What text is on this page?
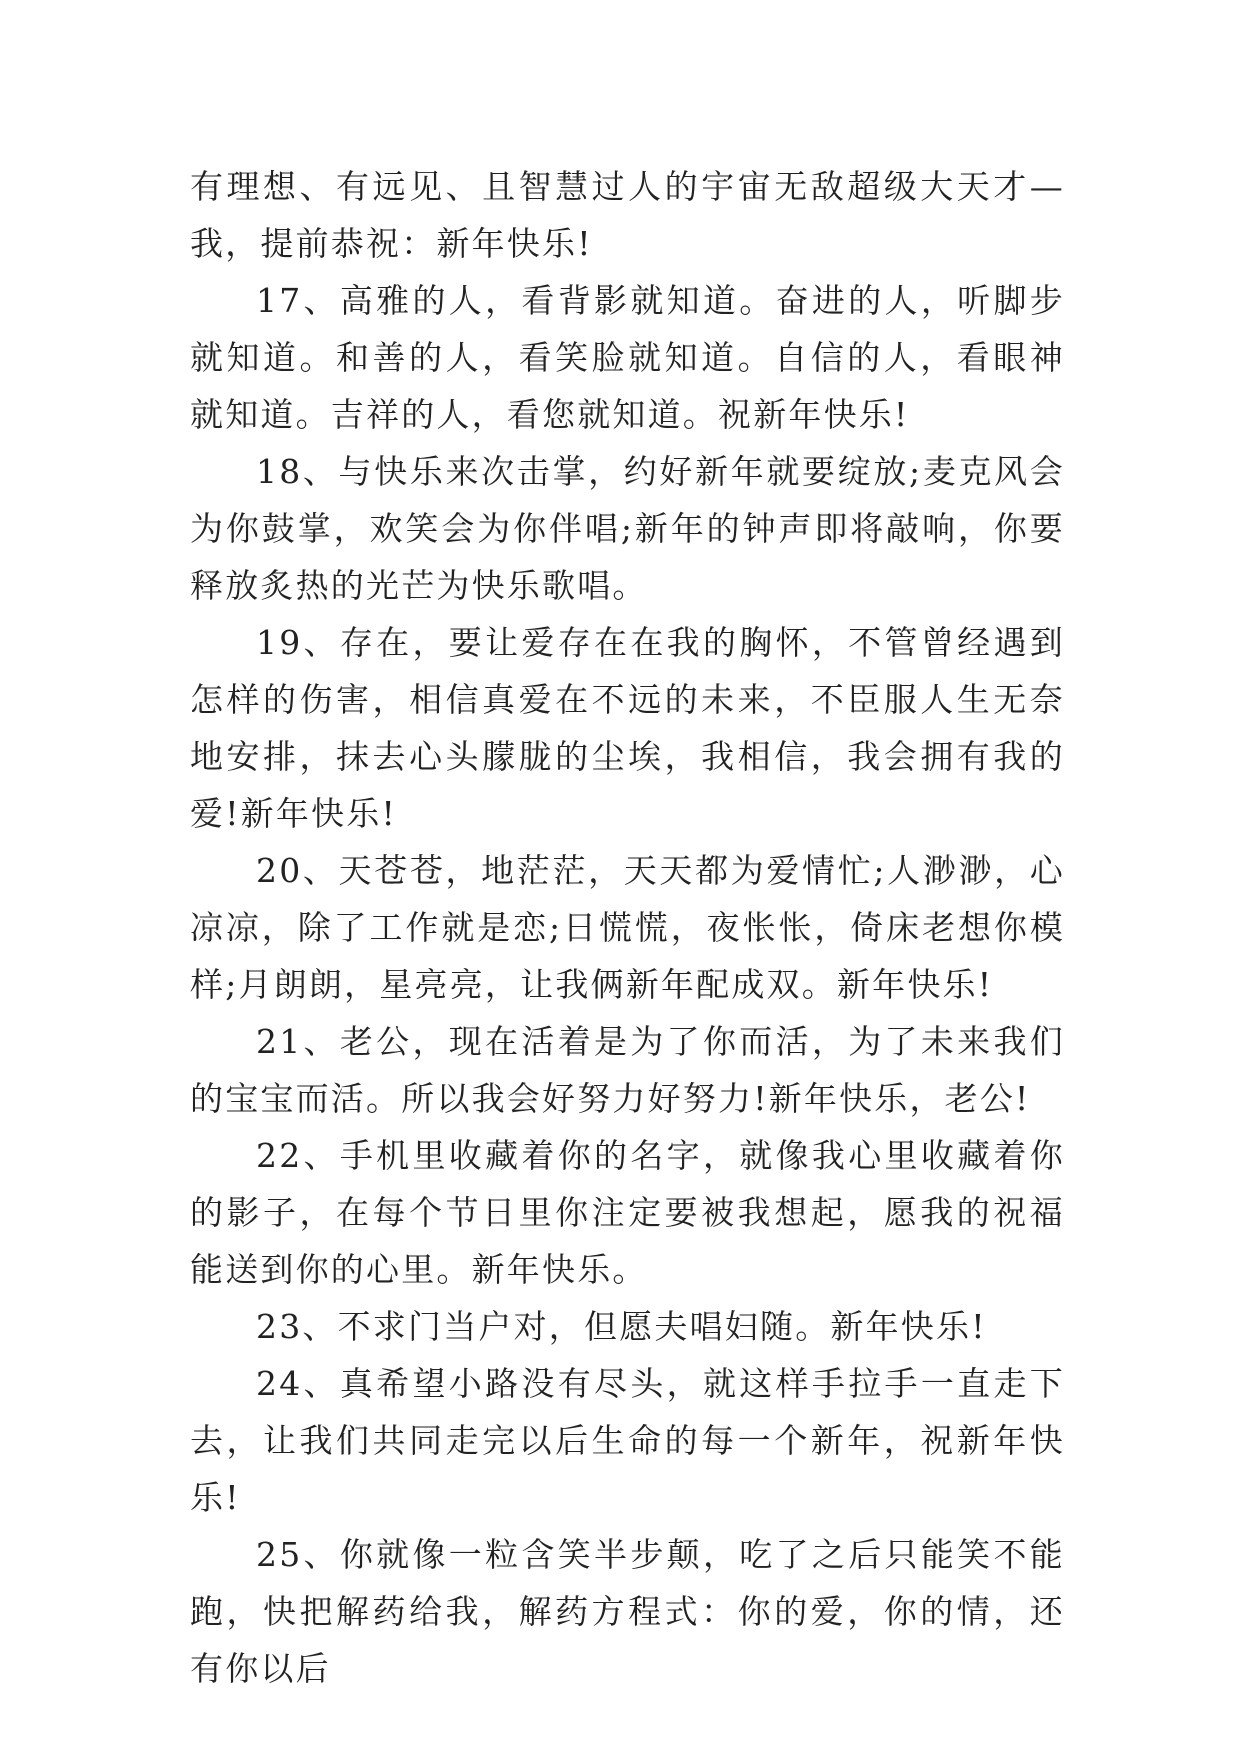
有理想、有远见、且智慧过人的宇宙无敌超级大天才—我，提前恭祝：新年快乐!

17、高雅的人，看背影就知道。奋进的人，听脚步就知道。和善的人，看笑脸就知道。自信的人，看眼神就知道。吉祥的人，看您就知道。祝新年快乐!

18、与快乐来次击掌，约好新年就要绽放;麦克风会为你鼓掌，欢笑会为你伴唱;新年的钟声即将敲响，你要释放炙热的光芒为快乐歌唱。

19、存在，要让爱存在在我的胸怀，不管曾经遇到怎样的伤害，相信真爱在不远的未来，不臣服人生无奈地安排，抹去心头朦胧的尘埃，我相信，我会拥有我的爱!新年快乐!

20、天苍苍，地茫茫，天天都为爱情忙;人渺渺，心凉凉，除了工作就是恋;日慌慌，夜怅怅，倚床老想你模样;月朗朗，星亮亮，让我俩新年配成双。新年快乐!

21、老公，现在活着是为了你而活，为了未来我们的宝宝而活。所以我会好努力好努力!新年快乐，老公!

22、手机里收藏着你的名字，就像我心里收藏着你的影子，在每个节日里你注定要被我想起，愿我的祝福能送到你的心里。新年快乐。

23、不求门当户对，但愿夫唱妇随。新年快乐!

24、真希望小路没有尽头，就这样手拉手一直走下去，让我们共同走完以后生命的每一个新年，祝新年快乐!

25、你就像一粒含笑半步颠，吃了之后只能笑不能跑，快把解药给我，解药方程式：你的爱，你的情，还有你以后
